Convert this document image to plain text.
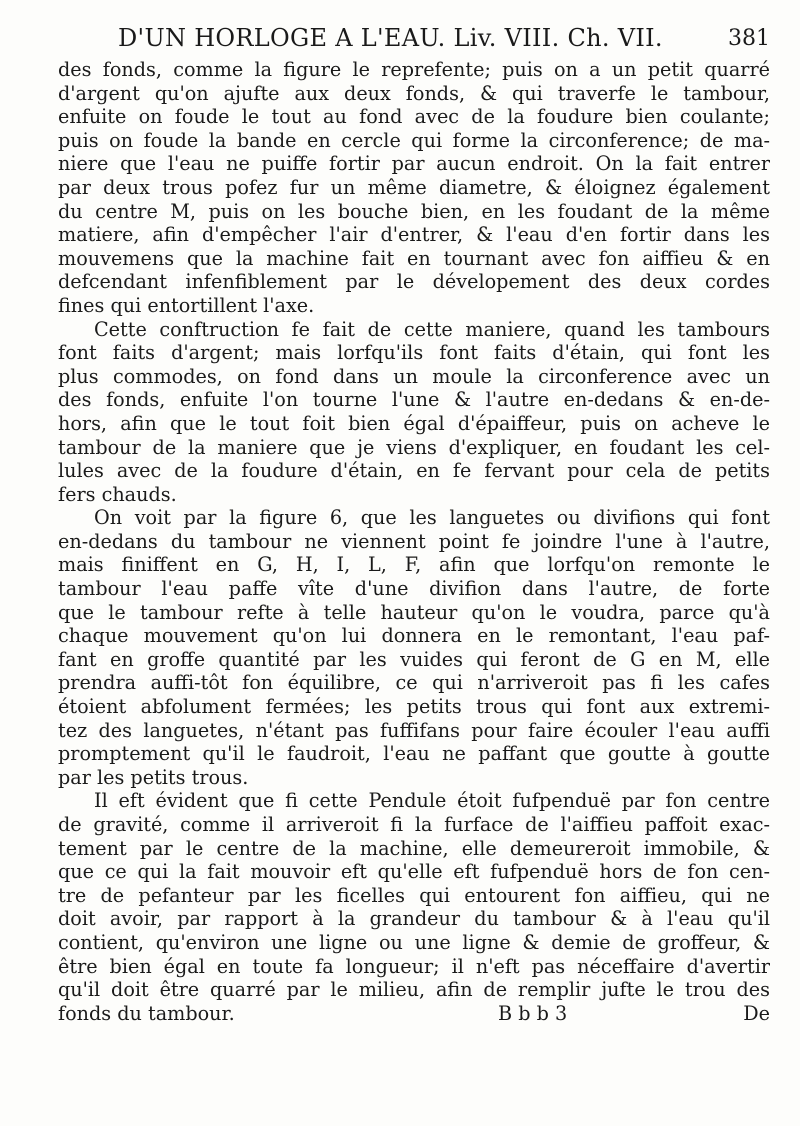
D'UN HORLOGE A L'EAU. Liv. VIII. Ch. VII.	381
des fonds, comme la figure le reprefente; puis on a un petit quarré
d'argent qu'on ajufte aux deux fonds, & qui traverfe le tambour,
enfuite on foude le tout au fond avec de la foudure bien coulante;
puis on foude la bande en cercle qui forme la circonference; de ma-
niere que l'eau ne puiffe fortir par aucun endroit. On la fait entrer
par deux trous pofez fur un même diametre, & éloignez également
du centre M, puis on les bouche bien, en les foudant de la même
matiere, afin d'empêcher l'air d'entrer, & l'eau d'en fortir dans les
mouvemens que la machine fait en tournant avec fon aiffieu & en
defcendant infenfiblement par le dévelopement des deux cordes
fines qui entortillent l'axe.
Cette conftruction fe fait de cette maniere, quand les tambours
font faits d'argent; mais lorfqu'ils font faits d'étain, qui font les
plus commodes, on fond dans un moule la circonference avec un
des fonds, enfuite l'on tourne l'une & l'autre en-dedans & en-de-
hors, afin que le tout foit bien égal d'épaiffeur, puis on acheve le
tambour de la maniere que je viens d'expliquer, en foudant les cel-
lules avec de la foudure d'étain, en fe fervant pour cela de petits
fers chauds.
On voit par la figure 6, que les languetes ou divifions qui font
en-dedans du tambour ne viennent point fe joindre l'une à l'autre,
mais finiffent en G, H, I, L, F, afin que lorfqu'on remonte le
tambour l'eau paffe vîte d'une divifion dans l'autre, de forte
que le tambour refte à telle hauteur qu'on le voudra, parce qu'à
chaque mouvement qu'on lui donnera en le remontant, l'eau paf-
fant en groffe quantité par les vuides qui feront de G en M, elle
prendra auffi-tôt fon équilibre, ce qui n'arriveroit pas fi les cafes
étoient abfolument fermées; les petits trous qui font aux extremi-
tez des languetes, n'étant pas fuffifans pour faire écouler l'eau auffi
promptement qu'il le faudroit, l'eau ne paffant que goutte à goutte
par les petits trous.
Il eft évident que fi cette Pendule étoit fufpenduë par fon centre
de gravité, comme il arriveroit fi la furface de l'aiffieu paffoit exac-
tement par le centre de la machine, elle demeureroit immobile, &
que ce qui la fait mouvoir eft qu'elle eft fufpenduë hors de fon cen-
tre de pefanteur par les ficelles qui entourent fon aiffieu, qui ne
doit avoir, par rapport à la grandeur du tambour & à l'eau qu'il
contient, qu'environ une ligne ou une ligne & demie de groffeur, &
être bien égal en toute fa longueur; il n'eft pas néceffaire d'avertir
qu'il doit être quarré par le milieu, afin de remplir jufte le trou des
fonds du tambour.	B b b 3	De
